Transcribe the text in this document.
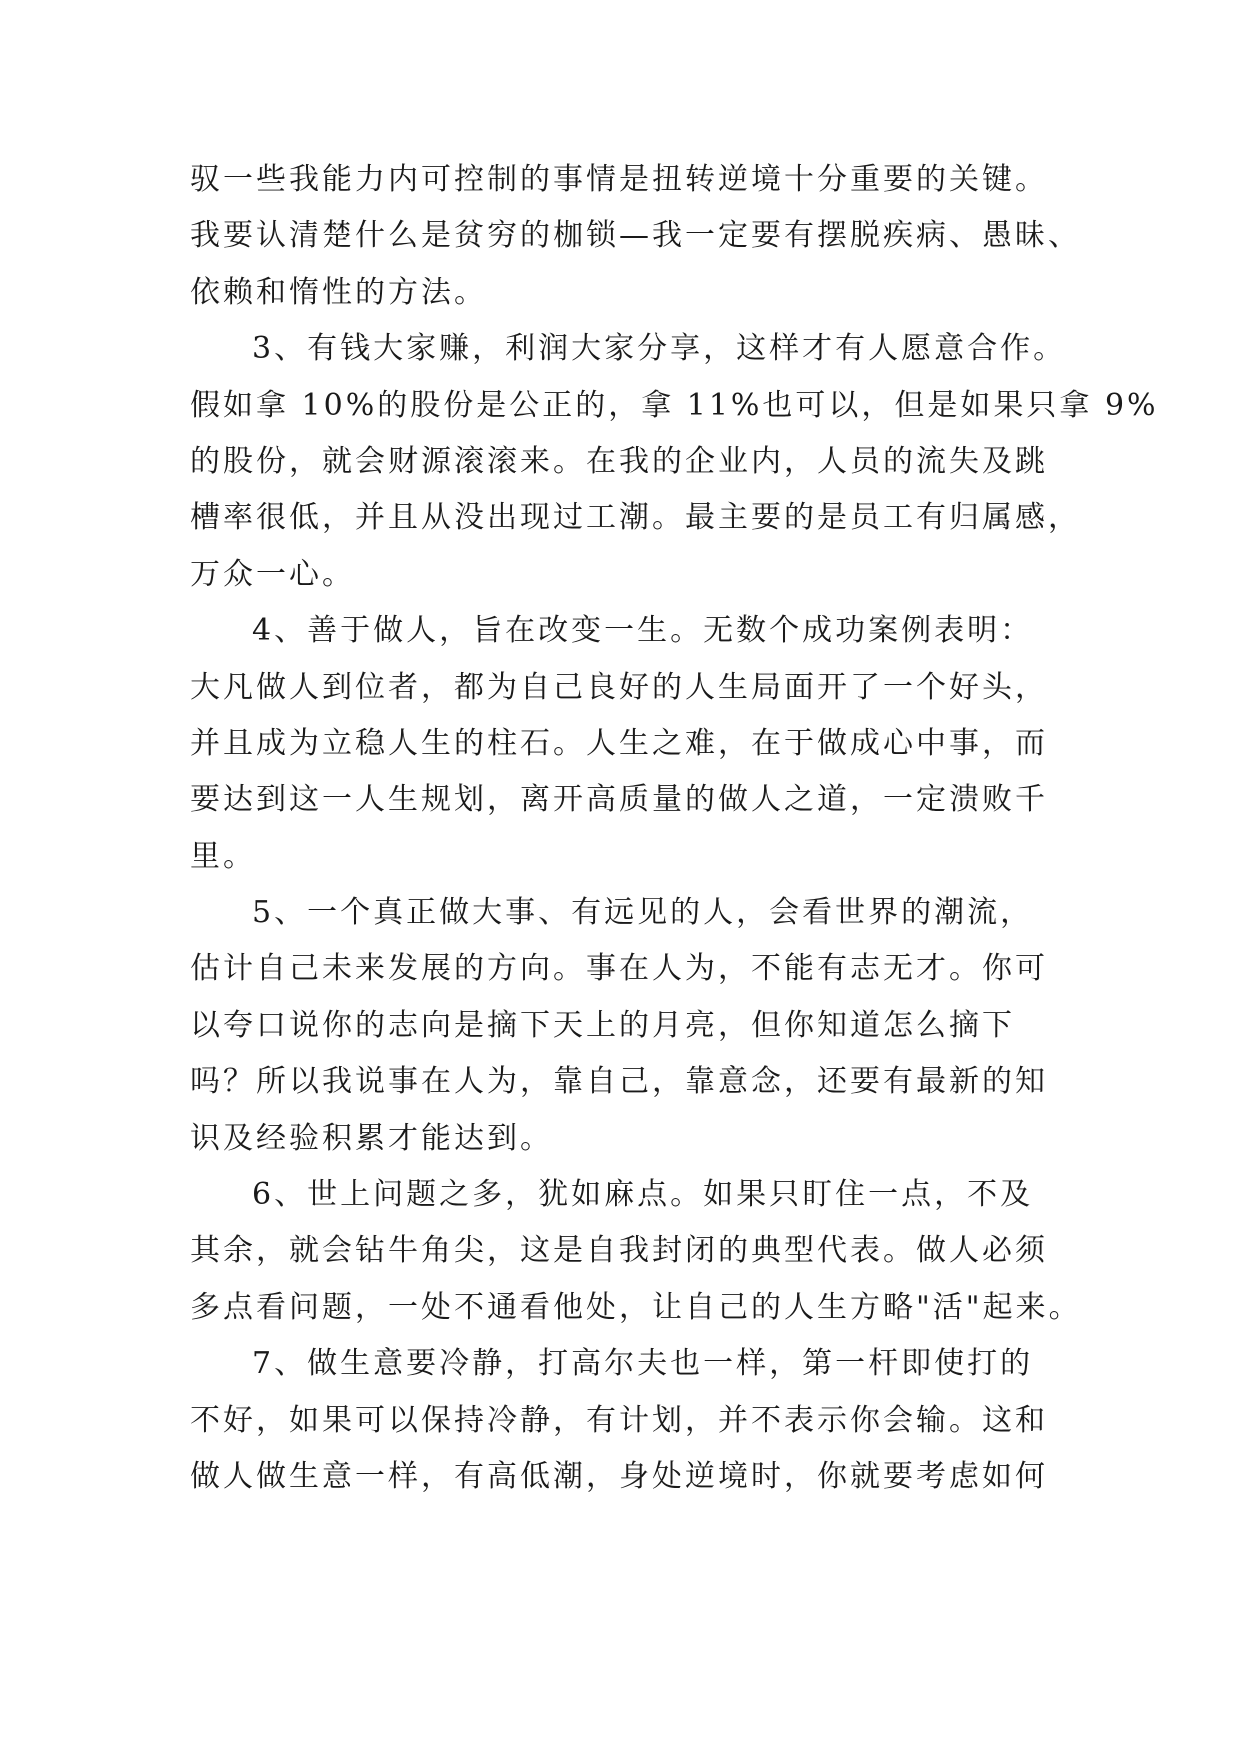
驭一些我能力内可控制的事情是扭转逆境十分重要的关键。
我要认清楚什么是贫穷的枷锁—我一定要有摆脱疾病、愚昧、
依赖和惰性的方法。
3、有钱大家赚，利润大家分享，这样才有人愿意合作。
假如拿 10%的股份是公正的，拿 11%也可以，但是如果只拿 9%
的股份，就会财源滚滚来。在我的企业内，人员的流失及跳
槽率很低，并且从没出现过工潮。最主要的是员工有归属感，
万众一心。
4、善于做人，旨在改变一生。无数个成功案例表明：
大凡做人到位者，都为自己良好的人生局面开了一个好头，
并且成为立稳人生的柱石。人生之难，在于做成心中事，而
要达到这一人生规划，离开高质量的做人之道，一定溃败千
里。
5、一个真正做大事、有远见的人，会看世界的潮流，
估计自己未来发展的方向。事在人为，不能有志无才。你可
以夸口说你的志向是摘下天上的月亮，但你知道怎么摘下
吗？所以我说事在人为，靠自己，靠意念，还要有最新的知
识及经验积累才能达到。
6、世上问题之多，犹如麻点。如果只盯住一点，不及
其余，就会钻牛角尖，这是自我封闭的典型代表。做人必须
多点看问题，一处不通看他处，让自己的人生方略"活"起来。
7、做生意要冷静，打高尔夫也一样，第一杆即使打的
不好，如果可以保持冷静，有计划，并不表示你会输。这和
做人做生意一样，有高低潮，身处逆境时，你就要考虑如何
